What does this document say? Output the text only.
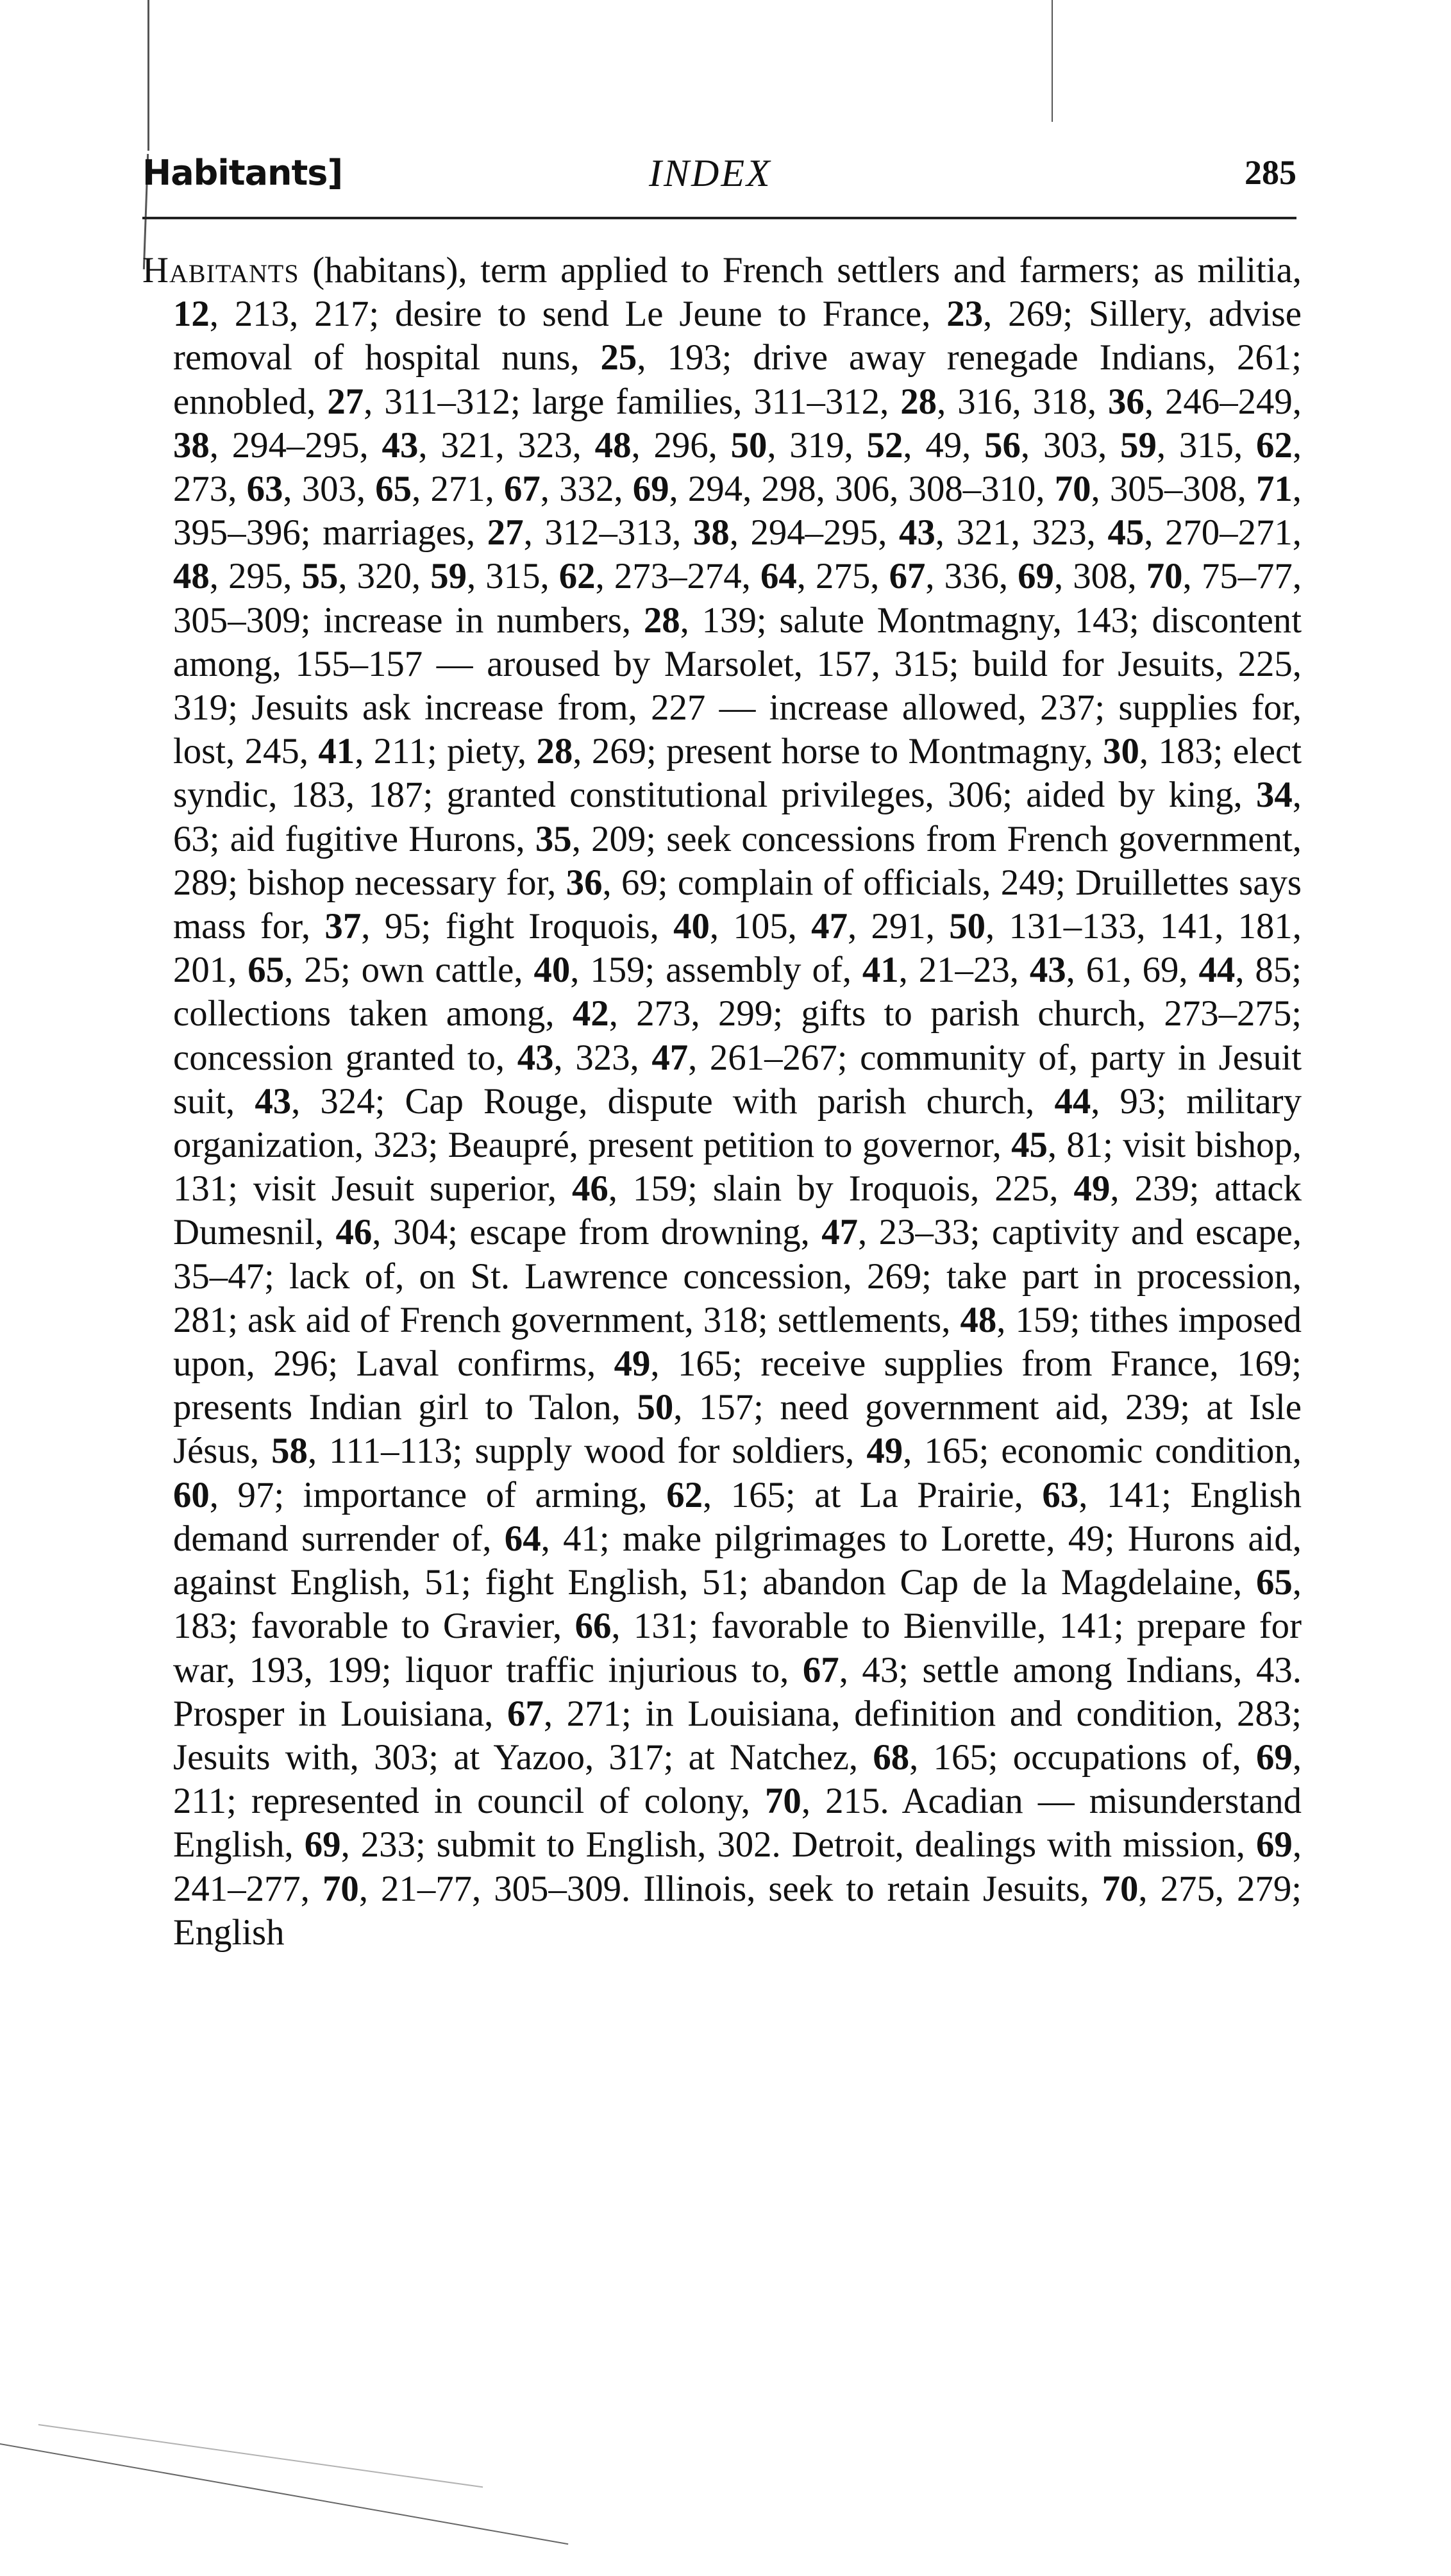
Habitants]	INDEX	285
Habitants (habitans), term applied to French settlers and farmers; as militia, 12, 213, 217; desire to send Le Jeune to France, 23, 269; Sillery, advise removal of hospital nuns, 25, 193; drive away renegade Indians, 261; ennobled, 27, 311–312; large families, 311–312, 28, 316, 318, 36, 246–249, 38, 294–295, 43, 321, 323, 48, 296, 50, 319, 52, 49, 56, 303, 59, 315, 62, 273, 63, 303, 65, 271, 67, 332, 69, 294, 298, 306, 308–310, 70, 305–308, 71, 395–396; marriages, 27, 312–313, 38, 294–295, 43, 321, 323, 45, 270–271, 48, 295, 55, 320, 59, 315, 62, 273–274, 64, 275, 67, 336, 69, 308, 70, 75–77, 305–309; increase in numbers, 28, 139; salute Montmagny, 143; discontent among, 155–157 — aroused by Marsolet, 157, 315; build for Jesuits, 225, 319; Jesuits ask increase from, 227 — increase allowed, 237; supplies for, lost, 245, 41, 211; piety, 28, 269; present horse to Montmagny, 30, 183; elect syndic, 183, 187; granted constitutional privileges, 306; aided by king, 34, 63; aid fugitive Hurons, 35, 209; seek concessions from French government, 289; bishop necessary for, 36, 69; complain of officials, 249; Druillettes says mass for, 37, 95; fight Iroquois, 40, 105, 47, 291, 50, 131–133, 141, 181, 201, 65, 25; own cattle, 40, 159; assembly of, 41, 21–23, 43, 61, 69, 44, 85; collections taken among, 42, 273, 299; gifts to parish church, 273–275; concession granted to, 43, 323, 47, 261–267; community of, party in Jesuit suit, 43, 324; Cap Rouge, dispute with parish church, 44, 93; military organization, 323; Beaupré, present petition to governor, 45, 81; visit bishop, 131; visit Jesuit superior, 46, 159; slain by Iroquois, 225, 49, 239; attack Dumesnil, 46, 304; escape from drowning, 47, 23–33; captivity and escape, 35–47; lack of, on St. Lawrence concession, 269; take part in procession, 281; ask aid of French government, 318; settlements, 48, 159; tithes imposed upon, 296; Laval confirms, 49, 165; receive supplies from France, 169; presents Indian girl to Talon, 50, 157; need government aid, 239; at Isle Jésus, 58, 111–113; supply wood for soldiers, 49, 165; economic condition, 60, 97; importance of arming, 62, 165; at La Prairie, 63, 141; English demand surrender of, 64, 41; make pilgrimages to Lorette, 49; Hurons aid, against English, 51; fight English, 51; abandon Cap de la Magdelaine, 65, 183; favorable to Gravier, 66, 131; favorable to Bienville, 141; prepare for war, 193, 199; liquor traffic injurious to, 67, 43; settle among Indians, 43. Prosper in Louisiana, 67, 271; in Louisiana, definition and condition, 283; Jesuits with, 303; at Yazoo, 317; at Natchez, 68, 165; occupations of, 69, 211; represented in council of colony, 70, 215. Acadian — misunderstand English, 69, 233; submit to English, 302. Detroit, dealings with mission, 69, 241–277, 70, 21–77, 305–309. Illinois, seek to retain Jesuits, 70, 275, 279; English
